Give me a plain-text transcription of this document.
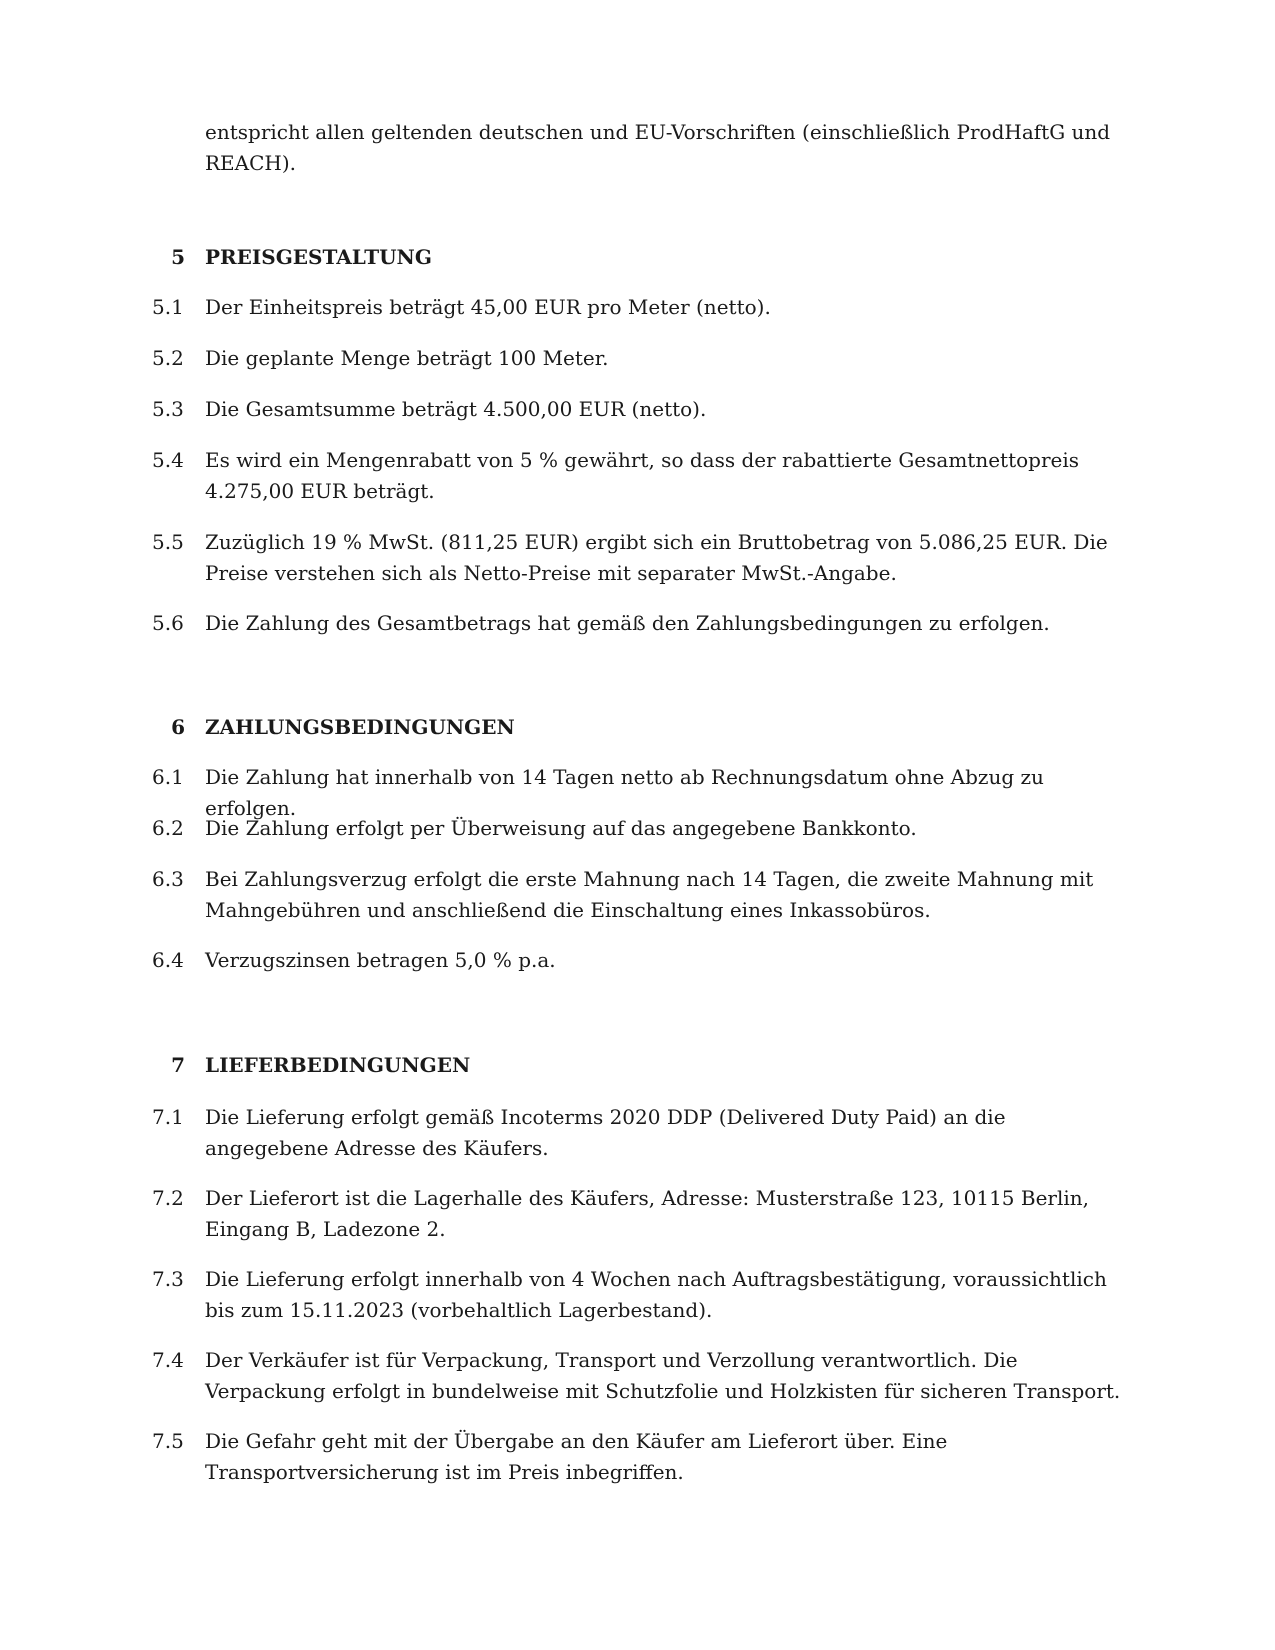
entspricht allen geltenden deutschen und EU-Vorschriften (einschließlich ProdHaftG und REACH).
5 PREISGESTALTUNG
5.1	Der Einheitspreis beträgt 45,00 EUR pro Meter (netto).
5.2	Die geplante Menge beträgt 100 Meter.
5.3	Die Gesamtsumme beträgt 4.500,00 EUR (netto).
5.4	Es wird ein Mengenrabatt von 5 % gewährt, so dass der rabattierte Gesamtnettopreis 4.275,00 EUR beträgt.
5.5	Zuzüglich 19 % MwSt. (811,25 EUR) ergibt sich ein Bruttobetrag von 5.086,25 EUR. Die Preise verstehen sich als Netto-Preise mit separater MwSt.-Angabe.
5.6	Die Zahlung des Gesamtbetrags hat gemäß den Zahlungsbedingungen zu erfolgen.
6 ZAHLUNGSBEDINGUNGEN
6.1	Die Zahlung hat innerhalb von 14 Tagen netto ab Rechnungsdatum ohne Abzug zu erfolgen.
6.2	Die Zahlung erfolgt per Überweisung auf das angegebene Bankkonto.
6.3	Bei Zahlungsverzug erfolgt die erste Mahnung nach 14 Tagen, die zweite Mahnung mit Mahngebühren und anschließend die Einschaltung eines Inkassobüros.
6.4	Verzugszinsen betragen 5,0 % p.a.
7 LIEFERBEDINGUNGEN
7.1	Die Lieferung erfolgt gemäß Incoterms 2020 DDP (Delivered Duty Paid) an die angegebene Adresse des Käufers.
7.2	Der Lieferort ist die Lagerhalle des Käufers, Adresse: Musterstraße 123, 10115 Berlin, Eingang B, Ladezone 2.
7.3	Die Lieferung erfolgt innerhalb von 4 Wochen nach Auftragsbestätigung, voraussichtlich bis zum 15.11.2023 (vorbehaltlich Lagerbestand).
7.4	Der Verkäufer ist für Verpackung, Transport und Verzollung verantwortlich. Die Verpackung erfolgt in bundelweise mit Schutzfolie und Holzkisten für sicheren Transport.
7.5	Die Gefahr geht mit der Übergabe an den Käufer am Lieferort über. Eine Transportversicherung ist im Preis inbegriffen.
